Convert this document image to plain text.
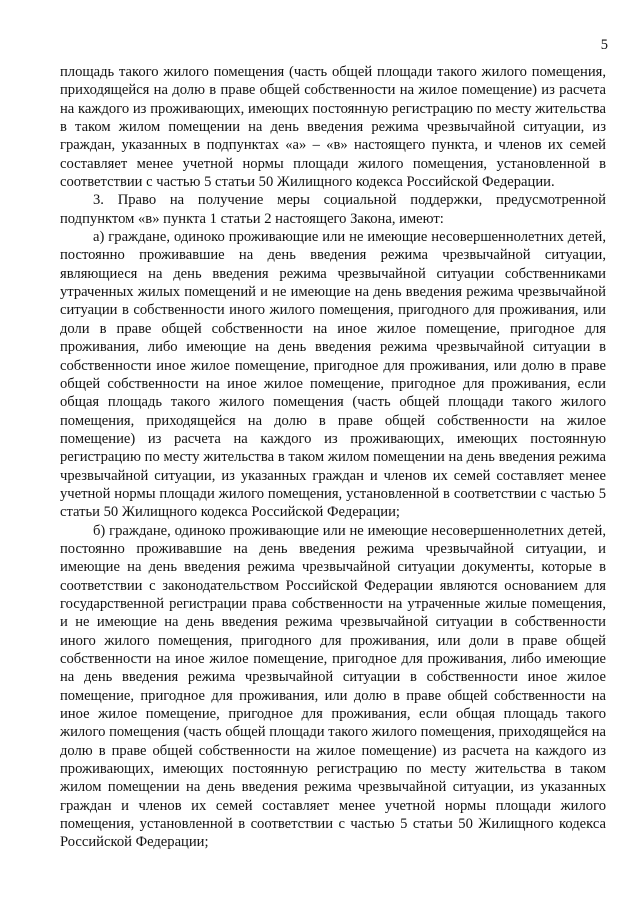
5

площадь такого жилого помещения (часть общей площади такого жилого помещения, приходящейся на долю в праве общей собственности на жилое помещение) из расчета на каждого из проживающих, имеющих постоянную регистрацию по месту жительства в таком жилом помещении на день введения режима чрезвычайной ситуации, из граждан, указанных в подпунктах «а» – «в» настоящего пункта, и членов их семей составляет менее учетной нормы площади жилого помещения, установленной в соответствии с частью 5 статьи 50 Жилищного кодекса Российской Федерации.

3. Право на получение меры социальной поддержки, предусмотренной подпунктом «в» пункта 1 статьи 2 настоящего Закона, имеют:

а) граждане, одиноко проживающие или не имеющие несовершеннолетних детей, постоянно проживавшие на день введения режима чрезвычайной ситуации, являющиеся на день введения режима чрезвычайной ситуации собственниками утраченных жилых помещений и не имеющие на день введения режима чрезвычайной ситуации в собственности иного жилого помещения, пригодного для проживания, или доли в праве общей собственности на иное жилое помещение, пригодное для проживания, либо имеющие на день введения режима чрезвычайной ситуации в собственности иное жилое помещение, пригодное для проживания, или долю в праве общей собственности на иное жилое помещение, пригодное для проживания, если общая площадь такого жилого помещения (часть общей площади такого жилого помещения, приходящейся на долю в праве общей собственности на жилое помещение) из расчета на каждого из проживающих, имеющих постоянную регистрацию по месту жительства в таком жилом помещении на день введения режима чрезвычайной ситуации, из указанных граждан и членов их семей составляет менее учетной нормы площади жилого помещения, установленной в соответствии с частью 5 статьи 50 Жилищного кодекса Российской Федерации;

б) граждане, одиноко проживающие или не имеющие несовершеннолетних детей, постоянно проживавшие на день введения режима чрезвычайной ситуации, и имеющие на день введения режима чрезвычайной ситуации документы, которые в соответствии с законодательством Российской Федерации являются основанием для государственной регистрации права собственности на утраченные жилые помещения, и не имеющие на день введения режима чрезвычайной ситуации в собственности иного жилого помещения, пригодного для проживания, или доли в праве общей собственности на иное жилое помещение, пригодное для проживания, либо имеющие на день введения режима чрезвычайной ситуации в собственности иное жилое помещение, пригодное для проживания, или долю в праве общей собственности на иное жилое помещение, пригодное для проживания, если общая площадь такого жилого помещения (часть общей площади такого жилого помещения, приходящейся на долю в праве общей собственности на жилое помещение) из расчета на каждого из проживающих, имеющих постоянную регистрацию по месту жительства в таком жилом помещении на день введения режима чрезвычайной ситуации, из указанных граждан и членов их семей составляет менее учетной нормы площади жилого помещения, установленной в соответствии с частью 5 статьи 50 Жилищного кодекса Российской Федерации;
